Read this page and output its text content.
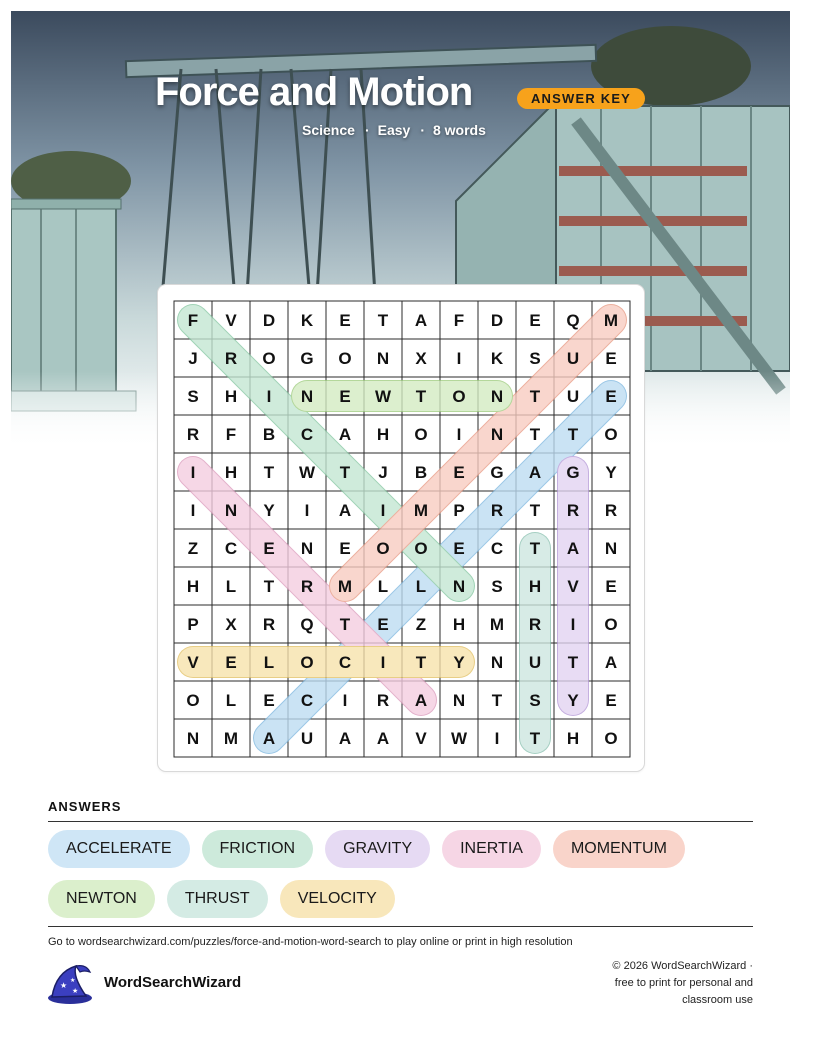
Force and Motion	ANSWER KEY
Science · Easy · 8 words
F V D K E T A F D E Q M
J R O G O N X I K S U E
S H I N E W T O N T U E
R F B C A H O I N T T O
I H T W T J B E G A G Y
I N Y I A I M P R T R R
Z C E N E O O E C T A N
H L T R M L L N S H V E
P X R Q T E Z H M R I O
V E L O C I T Y N U T A
O L E C I R A N T S Y E
N M A U A A V W I T H O
ANSWERS
ACCELERATE	FRICTION	GRAVITY	INERTIA	MOMENTUM
NEWTON	THRUST	VELOCITY
Go to wordsearchwizard.com/puzzles/force-and-motion-word-search to play online or print in high resolution
★ ★
★
WordSearchWizard
© 2026 WordSearchWizard ·
free to print for personal and
classroom use
